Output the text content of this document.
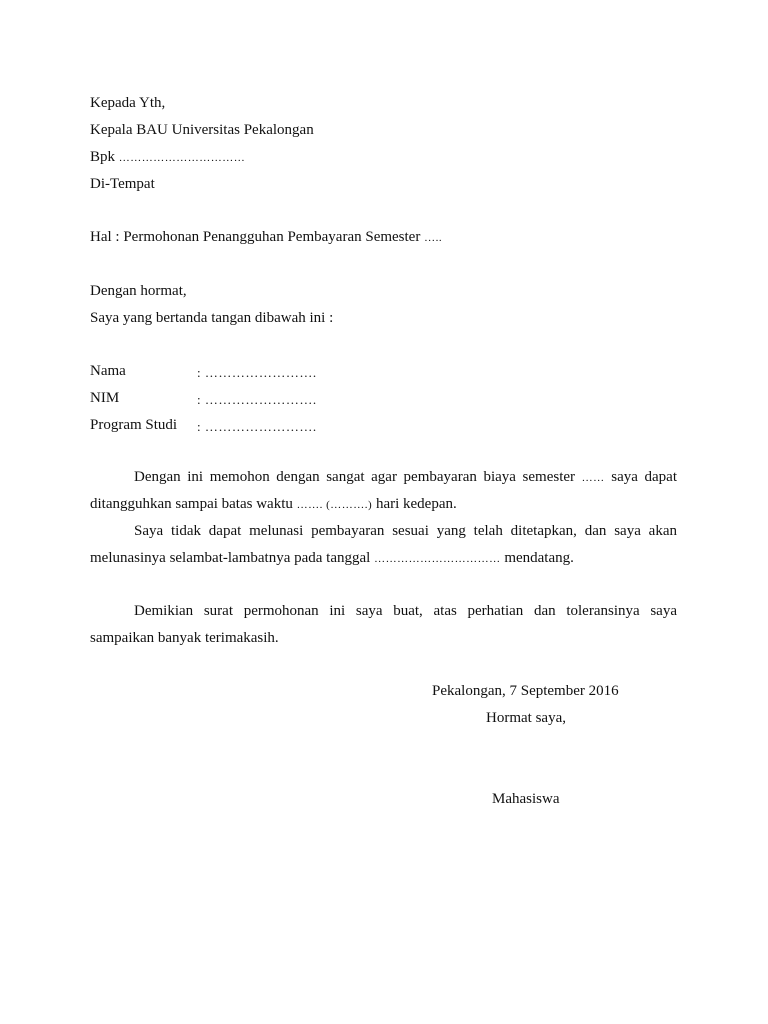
Kepada Yth,
Kepala BAU Universitas Pekalongan
Bpk ……………………………
Di-Tempat
Hal : Permohonan Penangguhan Pembayaran Semester …..
Dengan hormat,
Saya yang bertanda tangan dibawah ini :
Nama	: …………………….
NIM	: …………………….
Program Studi : …………………….
Dengan ini memohon dengan sangat agar pembayaran biaya semester …… saya dapat
ditangguhkan sampai batas waktu ……. (……….) hari kedepan.
Saya tidak dapat melunasi pembayaran sesuai yang telah ditetapkan, dan saya akan
melunasinya selambat-lambatnya pada tanggal …………………………… mendatang.
Demikian surat permohonan ini saya buat, atas perhatian dan toleransinya saya
sampaikan banyak terimakasih.
Pekalongan, 7 September 2016
Hormat saya,
Mahasiswa
